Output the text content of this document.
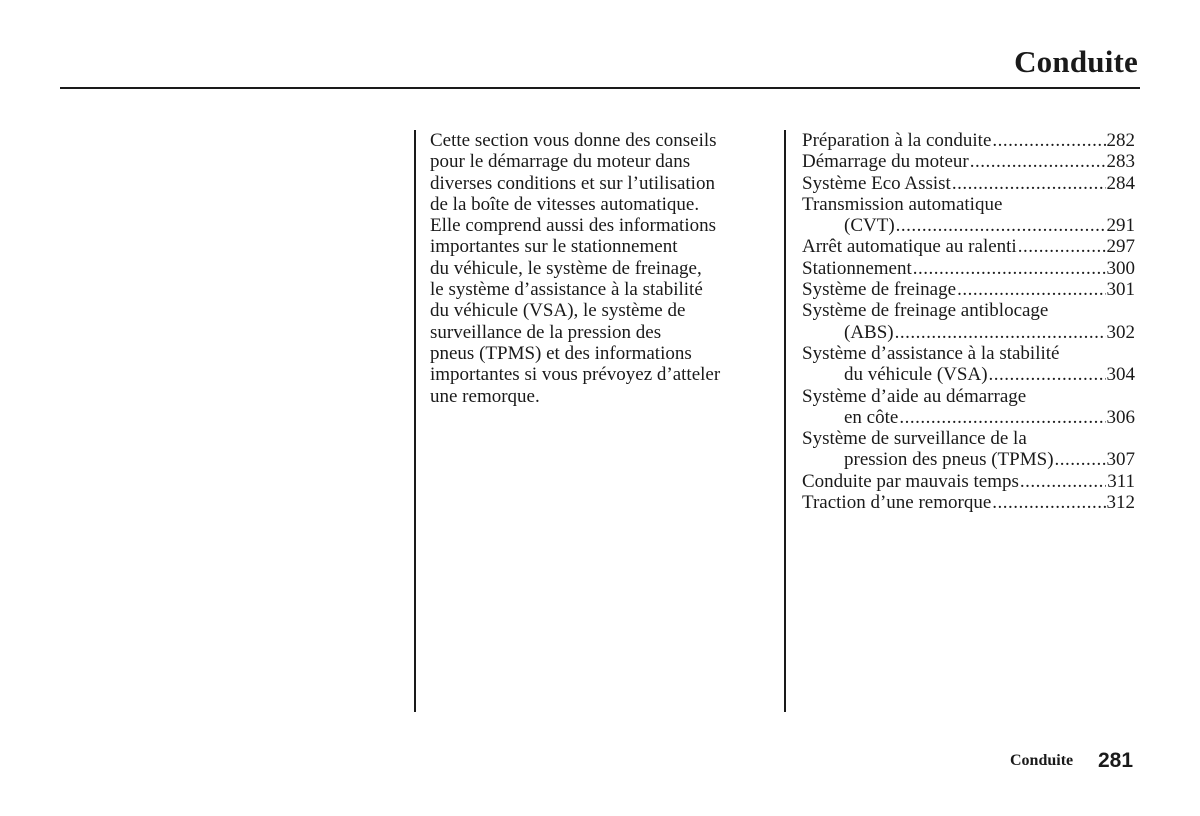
Conduite
Cette section vous donne des conseils
pour le démarrage du moteur dans
diverses conditions et sur l’utilisation
de la boîte de vitesses automatique.
Elle comprend aussi des informations
importantes sur le stationnement
du véhicule, le système de freinage,
le système d’assistance à la stabilité
du véhicule (VSA), le système de
surveillance de la pression des
pneus (TPMS) et des informations
importantes si vous prévoyez d’atteler
une remorque.
Préparation à la conduite .....	282
Démarrage du moteur .....	283
Système Eco Assist .....	284
Transmission automatique
(CVT) .....	291
Arrêt automatique au ralenti .....	297
Stationnement .....	300
Système de freinage .....	301
Système de freinage antiblocage
(ABS) .....	302
Système d’assistance à la stabilité
du véhicule (VSA) .....	304
Système d’aide au démarrage
en côte .....	306
Système de surveillance de la
pression des pneus (TPMS) .....	307
Conduite par mauvais temps .....	311
Traction d’une remorque .....	312
Conduite 281
